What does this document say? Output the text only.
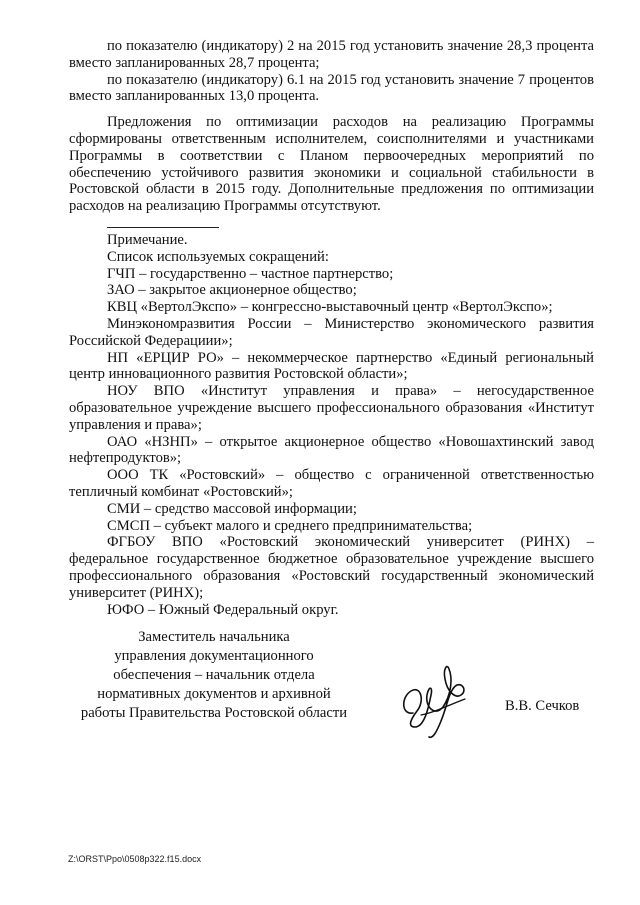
по показателю (индикатору) 2 на 2015 год установить значение 28,3 процента вместо запланированных 28,7 процента;

по показателю (индикатору) 6.1 на 2015 год установить значение 7 процентов вместо запланированных 13,0 процента.

Предложения по оптимизации расходов на реализацию Программы сформированы ответственным исполнителем, соисполнителями и участниками Программы в соответствии с Планом первоочередных мероприятий по обеспечению устойчивого развития экономики и социальной стабильности в Ростовской области в 2015 году. Дополнительные предложения по оптимизации расходов на реализацию Программы отсутствуют.

Примечание.

Список используемых сокращений:

ГЧП – государственно – частное партнерство;
ЗАО – закрытое акционерное общество;
КВЦ «ВертолЭкспо» – конгрессно-выставочный центр «ВертолЭкспо»;
Минэкономразвития России – Министерство экономического развития Российской Федерациии»;
НП «ЕРЦИР РО» – некоммерческое партнерство «Единый региональный центр инновационного развития Ростовской области»;
НОУ ВПО «Институт управления и права» – негосударственное образовательное учреждение высшего профессионального образования «Институт управления и права»;
ОАО «НЗНП» – открытое акционерное общество «Новошахтинский завод нефтепродуктов»;
ООО ТК «Ростовский» – общество с ограниченной ответственностью тепличный комбинат «Ростовский»;
СМИ – средство массовой информации;
СМСП – субъект малого и среднего предпринимательства;
ФГБОУ ВПО «Ростовский экономический университет (РИНХ) – федеральное государственное бюджетное образовательное учреждение высшего профессионального образования «Ростовский государственный экономический университет (РИНХ);
ЮФО – Южный Федеральный округ.
Заместитель начальника
управления документационного
обеспечения – начальник отдела
нормативных документов и архивной
работы Правительства Ростовской области	В.В. Сечков
Z:\ORST\Ppo\0508p322.f15.docx
